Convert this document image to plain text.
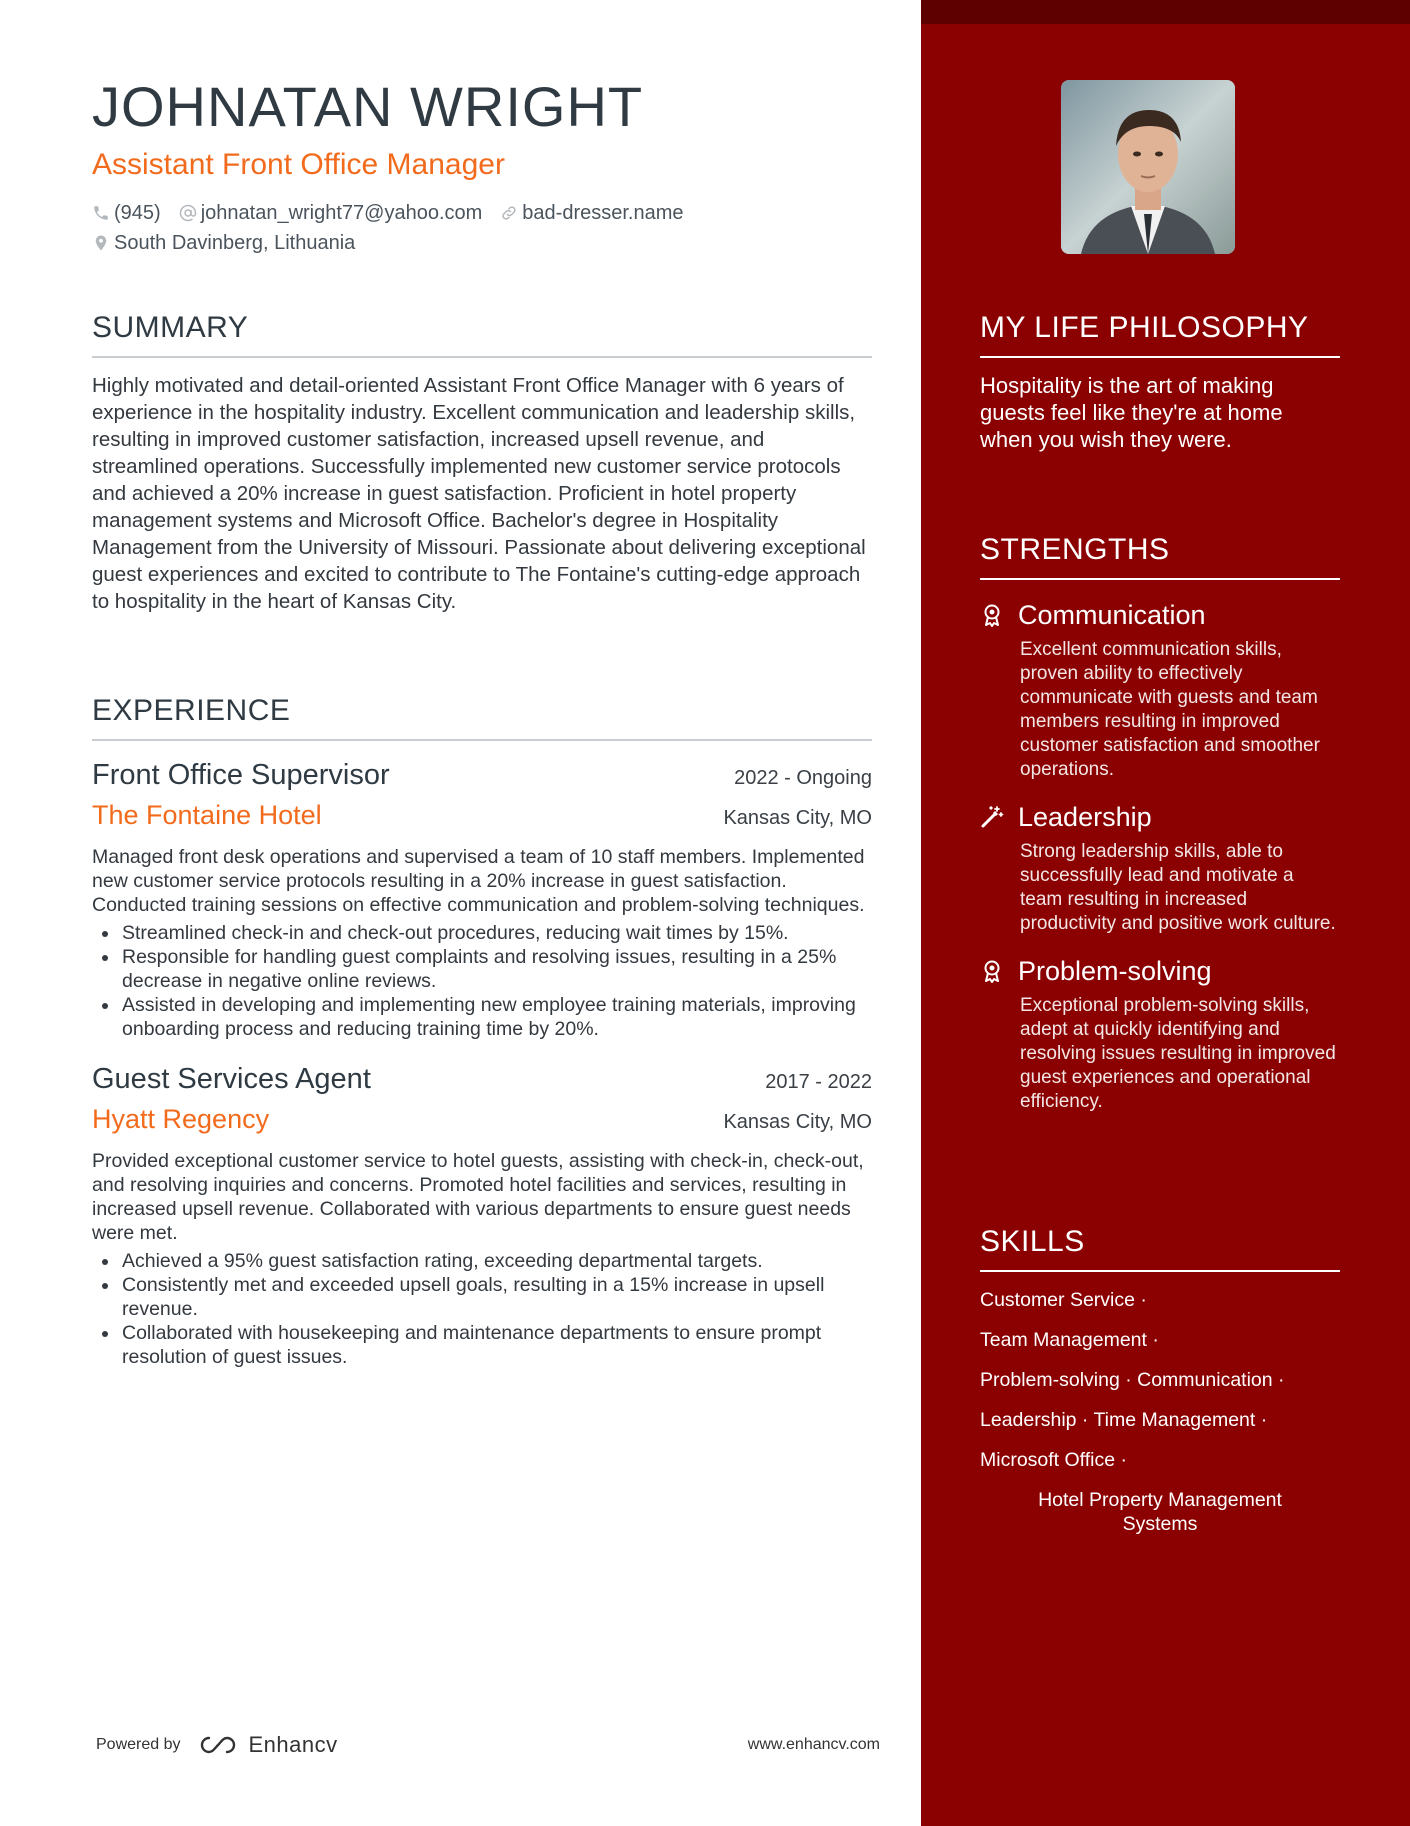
JOHNATAN WRIGHT
Assistant Front Office Manager
(945) johnatan_wright77@yahoo.com bad-dresser.name
South Davinberg, Lithuania
SUMMARY

Highly motivated and detail-oriented Assistant Front Office Manager with 6 years of experience in the hospitality industry. Excellent communication and leadership skills, resulting in improved customer satisfaction, increased upsell revenue, and streamlined operations. Successfully implemented new customer service protocols and achieved a 20% increase in guest satisfaction. Proficient in hotel property management systems and Microsoft Office. Bachelor's degree in Hospitality Management from the University of Missouri. Passionate about delivering exceptional guest experiences and excited to contribute to The Fontaine's cutting-edge approach to hospitality in the heart of Kansas City.

EXPERIENCE
Front Office Supervisor	2022 - Ongoing
The Fontaine Hotel	Kansas City, MO

Managed front desk operations and supervised a team of 10 staff members. Implemented new customer service protocols resulting in a 20% increase in guest satisfaction. Conducted training sessions on effective communication and problem-solving techniques.

• Streamlined check-in and check-out procedures, reducing wait times by 15%.
• Responsible for handling guest complaints and resolving issues, resulting in a 25% decrease in negative online reviews.
• Assisted in developing and implementing new employee training materials, improving onboarding process and reducing training time by 20%.
Guest Services Agent	2017 - 2022
Hyatt Regency	Kansas City, MO

Provided exceptional customer service to hotel guests, assisting with check-in, check-out, and resolving inquiries and concerns. Promoted hotel facilities and services, resulting in increased upsell revenue. Collaborated with various departments to ensure guest needs were met.

• Achieved a 95% guest satisfaction rating, exceeding departmental targets.
• Consistently met and exceeded upsell goals, resulting in a 15% increase in upsell revenue.
• Collaborated with housekeeping and maintenance departments to ensure prompt resolution of guest issues.
Powered by	Enhancv	www.enhancv.com
MY LIFE PHILOSOPHY
Hospitality is the art of making guests feel like they're at home when you wish they were.
STRENGTHS
Communication
Excellent communication skills, proven ability to effectively communicate with guests and team members resulting in improved customer satisfaction and smoother operations.
Leadership
Strong leadership skills, able to successfully lead and motivate a team resulting in increased productivity and positive work culture.
Problem-solving
Exceptional problem-solving skills, adept at quickly identifying and resolving issues resulting in improved guest experiences and operational efficiency.
SKILLS
Customer Service ·
Team Management ·
Problem-solving · Communication ·
Leadership · Time Management ·
Microsoft Office ·
Hotel Property Management Systems
